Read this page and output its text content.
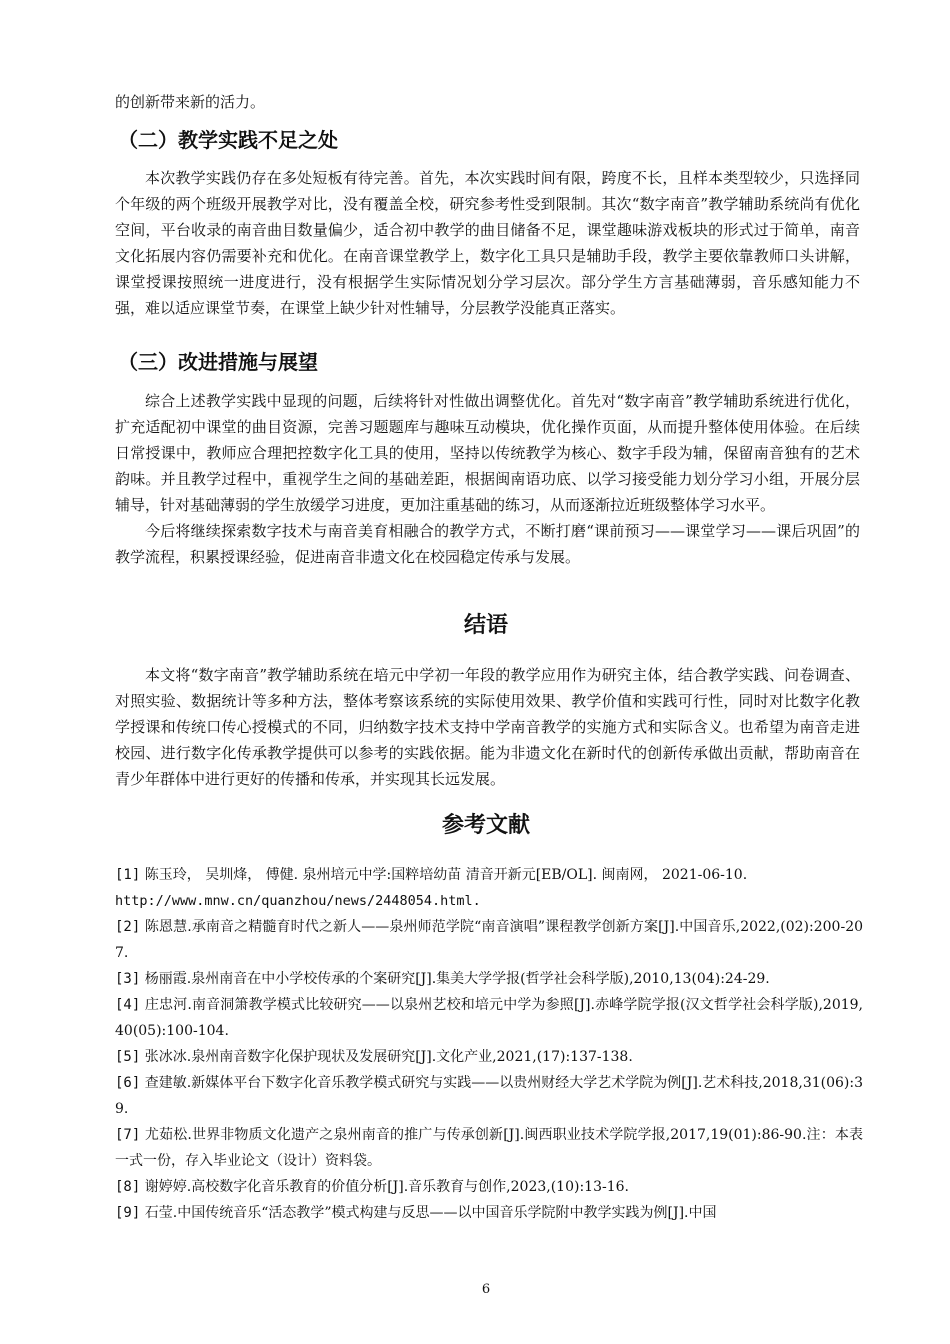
的创新带来新的活力。

（二）教学实践不足之处

本次教学实践仍存在多处短板有待完善。首先，本次实践时间有限，跨度不长，且样本类型较少，只选择同个年级的两个班级开展教学对比，没有覆盖全校，研究参考性受到限制。其次“数字南音”教学辅助系统尚有优化空间，平台收录的南音曲目数量偏少，适合初中教学的曲目储备不足，课堂趣味游戏板块的形式过于简单，南音文化拓展内容仍需要补充和优化。在南音课堂教学上，数字化工具只是辅助手段，教学主要依靠教师口头讲解，课堂授课按照统一进度进行，没有根据学生实际情况划分学习层次。部分学生方言基础薄弱，音乐感知能力不强，难以适应课堂节奏，在课堂上缺少针对性辅导，分层教学没能真正落实。

（三）改进措施与展望

综合上述教学实践中显现的问题，后续将针对性做出调整优化。首先对“数字南音”教学辅助系统进行优化，扩充适配初中课堂的曲目资源，完善习题题库与趣味互动模块，优化操作页面，从而提升整体使用体验。在后续日常授课中，教师应合理把控数字化工具的使用，坚持以传统教学为核心、数字手段为辅，保留南音独有的艺术韵味。并且教学过程中，重视学生之间的基础差距，根据闽南语功底、以学习接受能力划分学习小组，开展分层辅导，针对基础薄弱的学生放缓学习进度，更加注重基础的练习，从而逐渐拉近班级整体学习水平。

今后将继续探索数字技术与南音美育相融合的教学方式，不断打磨“课前预习——课堂学习——课后巩固”的教学流程，积累授课经验，促进南音非遗文化在校园稳定传承与发展。

结语

本文将“数字南音”教学辅助系统在培元中学初一年段的教学应用作为研究主体，结合教学实践、问卷调查、对照实验、数据统计等多种方法，整体考察该系统的实际使用效果、教学价值和实践可行性，同时对比数字化教学授课和传统口传心授模式的不同，归纳数字技术支持中学南音教学的实施方式和实际含义。也希望为南音走进校园、进行数字化传承教学提供可以参考的实践依据。能为非遗文化在新时代的创新传承做出贡献，帮助南音在青少年群体中进行更好的传播和传承，并实现其长远发展。

参考文献

[1] 陈玉玲， 吴圳烽， 傅健. 泉州培元中学:国粹培幼苗 清音开新元[EB/OL]. 闽南网， 2021-06-10.
http://www.mnw.cn/quanzhou/news/2448054.html.

[2] 陈恩慧.承南音之精髓育时代之新人——泉州师范学院“南音演唱”课程教学创新方案[J].中国音乐,2022,(02):200-207.

[3] 杨丽霞.泉州南音在中小学校传承的个案研究[J].集美大学学报(哲学社会科学版),2010,13(04):24-29.

[4] 庄忠河.南音洞箫教学模式比较研究——以泉州艺校和培元中学为参照[J].赤峰学院学报(汉文哲学社会科学版),2019,40(05):100-104.

[5] 张冰冰.泉州南音数字化保护现状及发展研究[J].文化产业,2021,(17):137-138.

[6] 查建敏.新媒体平台下数字化音乐教学模式研究与实践——以贵州财经大学艺术学院为例[J].艺术科技,2018,31(06):39.

[7] 尤茹松.世界非物质文化遗产之泉州南音的推广与传承创新[J].闽西职业技术学院学报,2017,19(01):86-90.注：本表一式一份，存入毕业论文（设计）资料袋。

[8] 谢婷婷.高校数字化音乐教育的价值分析[J].音乐教育与创作,2023,(10):13-16.

[9] 石莹.中国传统音乐“活态教学”模式构建与反思——以中国音乐学院附中教学实践为例[J].中国

6
